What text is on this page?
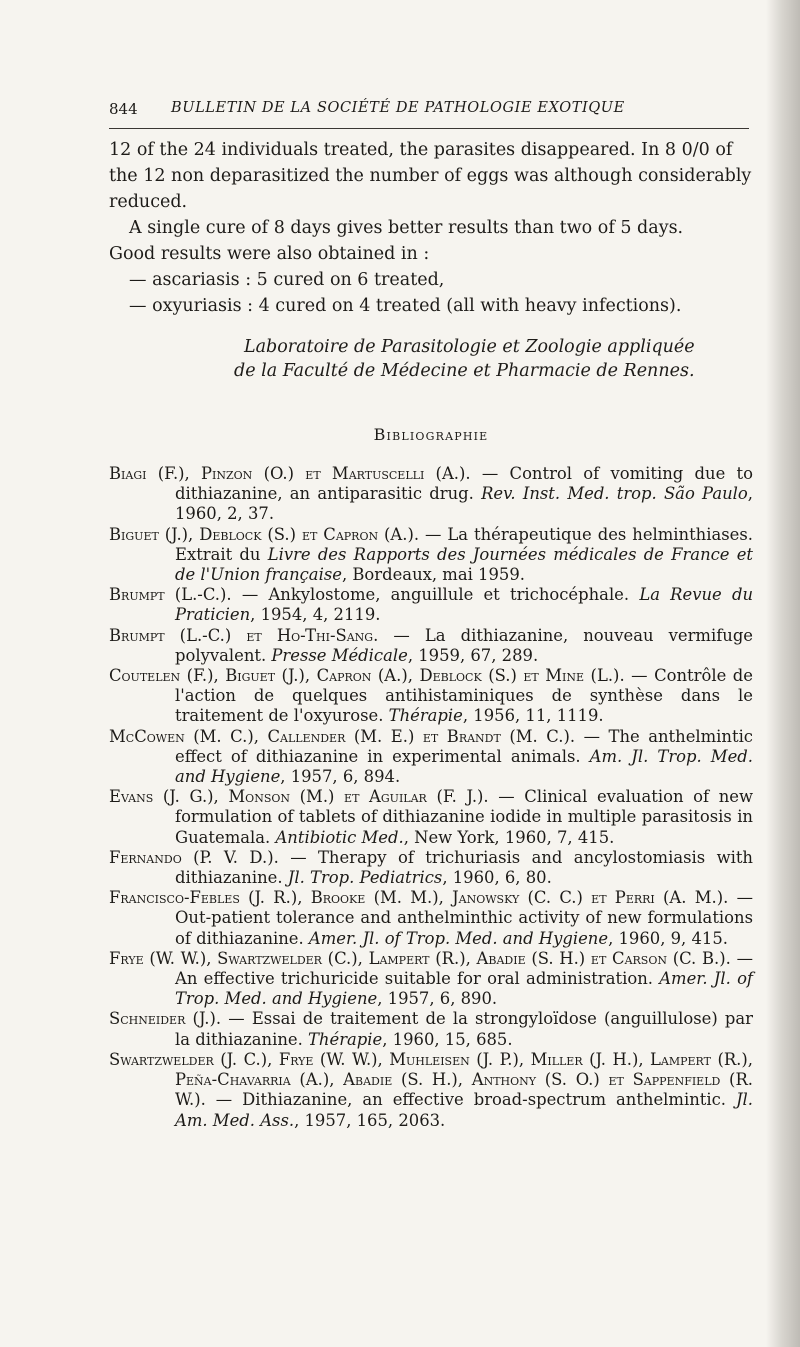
844 BULLETIN DE LA SOCIÉTÉ DE PATHOLOGIE EXOTIQUE

12 of the 24 individuals treated, the parasites disappeared. In 8 0/0 of the 12 non deparasitized the number of eggs was although considerably reduced.

A single cure of 8 days gives better results than two of 5 days.

Good results were also obtained in :

— ascariasis : 5 cured on 6 treated,

— oxyuriasis : 4 cured on 4 treated (all with heavy infections).

Laboratoire de Parasitologie et Zoologie appliquée
de la Faculté de Médecine et Pharmacie de Rennes.
Bibliographie

Biagi (F.), Pinzon (O.) et Martuscelli (A.). — Control of vomiting due to dithiazanine, an antiparasitic drug. Rev. Inst. Med. trop. São Paulo, 1960, 2, 37.

Biguet (J.), Deblock (S.) et Capron (A.). — La thérapeutique des helminthiases. Extrait du Livre des Rapports des Journées médicales de France et de l'Union française, Bordeaux, mai 1959.

Brumpt (L.-C.). — Ankylostome, anguillule et trichocéphale. La Revue du Praticien, 1954, 4, 2119.

Brumpt (L.-C.) et Ho-Thi-Sang. — La dithiazanine, nouveau vermifuge polyvalent. Presse Médicale, 1959, 67, 289.

Coutelen (F.), Biguet (J.), Capron (A.), Deblock (S.) et Mine (L.). — Contrôle de l'action de quelques antihistaminiques de synthèse dans le traitement de l'oxyurose. Thérapie, 1956, 11, 1119.

McCowen (M. C.), Callender (M. E.) et Brandt (M. C.). — The anthelmintic effect of dithiazanine in experimental animals. Am. Jl. Trop. Med. and Hygiene, 1957, 6, 894.

Evans (J. G.), Monson (M.) et Aguilar (F. J.). — Clinical evaluation of new formulation of tablets of dithiazanine iodide in multiple parasitosis in Guatemala. Antibiotic Med., New York, 1960, 7, 415.

Fernando (P. V. D.). — Therapy of trichuriasis and ancylostomiasis with dithiazanine. Jl. Trop. Pediatrics, 1960, 6, 80.

Francisco-Febles (J. R.), Brooke (M. M.), Janowsky (C. C.) et Perri (A. M.). — Out-patient tolerance and anthelminthic activity of new formulations of dithiazanine. Amer. Jl. of Trop. Med. and Hygiene, 1960, 9, 415.

Frye (W. W.), Swartzwelder (C.), Lampert (R.), Abadie (S. H.) et Carson (C. B.). — An effective trichuricide suitable for oral administration. Amer. Jl. of Trop. Med. and Hygiene, 1957, 6, 890.

Schneider (J.). — Essai de traitement de la strongyloïdose (anguillulose) par la dithiazanine. Thérapie, 1960, 15, 685.

Swartzwelder (J. C.), Frye (W. W.), Muhleisen (J. P.), Miller (J. H.), Lampert (R.), Peña-Chavarria (A.), Abadie (S. H.), Anthony (S. O.) et Sappenfield (R. W.). — Dithiazanine, an effective broad-spectrum anthelmintic. Jl. Am. Med. Ass., 1957, 165, 2063.
